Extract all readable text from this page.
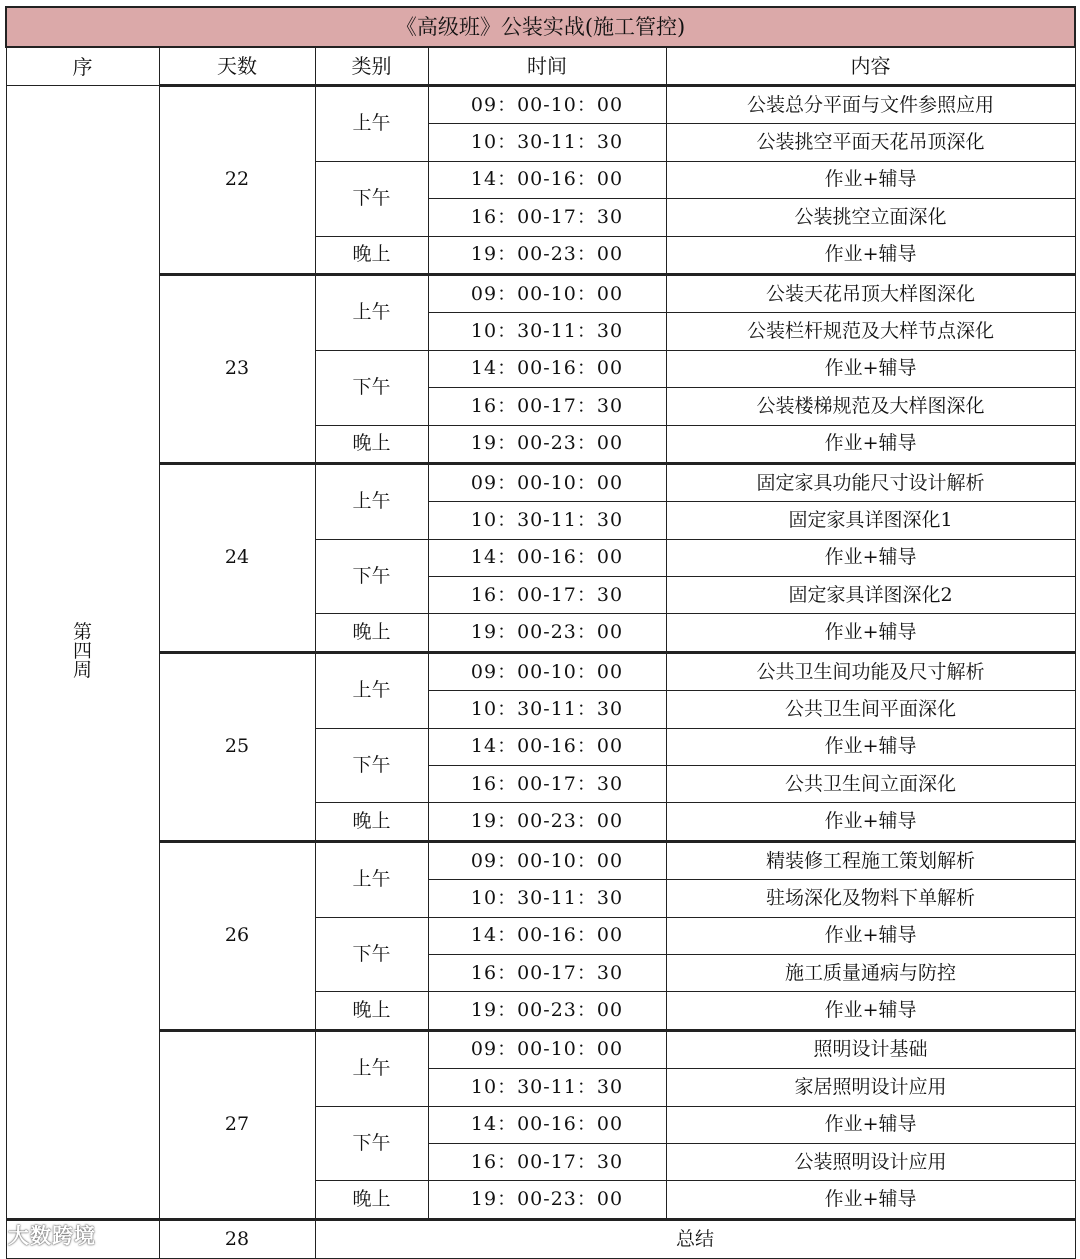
《高级班》公装实战(施工管控)				
序	天数	类别	时间	内容
第四周	22	上午	09：00-10：00	公装总分平面与文件参照应用
			10：30-11：30	公装挑空平面天花吊顶深化
		下午	14：00-16：00	作业+辅导
			16：00-17：30	公装挑空立面深化
		晚上	19：00-23：00	作业+辅导
	23	上午	09：00-10：00	公装天花吊顶大样图深化
			10：30-11：30	公装栏杆规范及大样节点深化
		下午	14：00-16：00	作业+辅导
			16：00-17：30	公装楼梯规范及大样图深化
		晚上	19：00-23：00	作业+辅导
	24	上午	09：00-10：00	固定家具功能尺寸设计解析
			10：30-11：30	固定家具详图深化1
		下午	14：00-16：00	作业+辅导
			16：00-17：30	固定家具详图深化2
		晚上	19：00-23：00	作业+辅导
	25	上午	09：00-10：00	公共卫生间功能及尺寸解析
			10：30-11：30	公共卫生间平面深化
		下午	14：00-16：00	作业+辅导
			16：00-17：30	公共卫生间立面深化
		晚上	19：00-23：00	作业+辅导
	26	上午	09：00-10：00	精装修工程施工策划解析
			10：30-11：30	驻场深化及物料下单解析
		下午	14：00-16：00	作业+辅导
			16：00-17：30	施工质量通病与防控
		晚上	19：00-23：00	作业+辅导
	27	上午	09：00-10：00	照明设计基础
			10：30-11：30	家居照明设计应用
		下午	14：00-16：00	作业+辅导
			16：00-17：30	公装照明设计应用
		晚上	19：00-23：00	作业+辅导
	28	总结		
大数跨境
